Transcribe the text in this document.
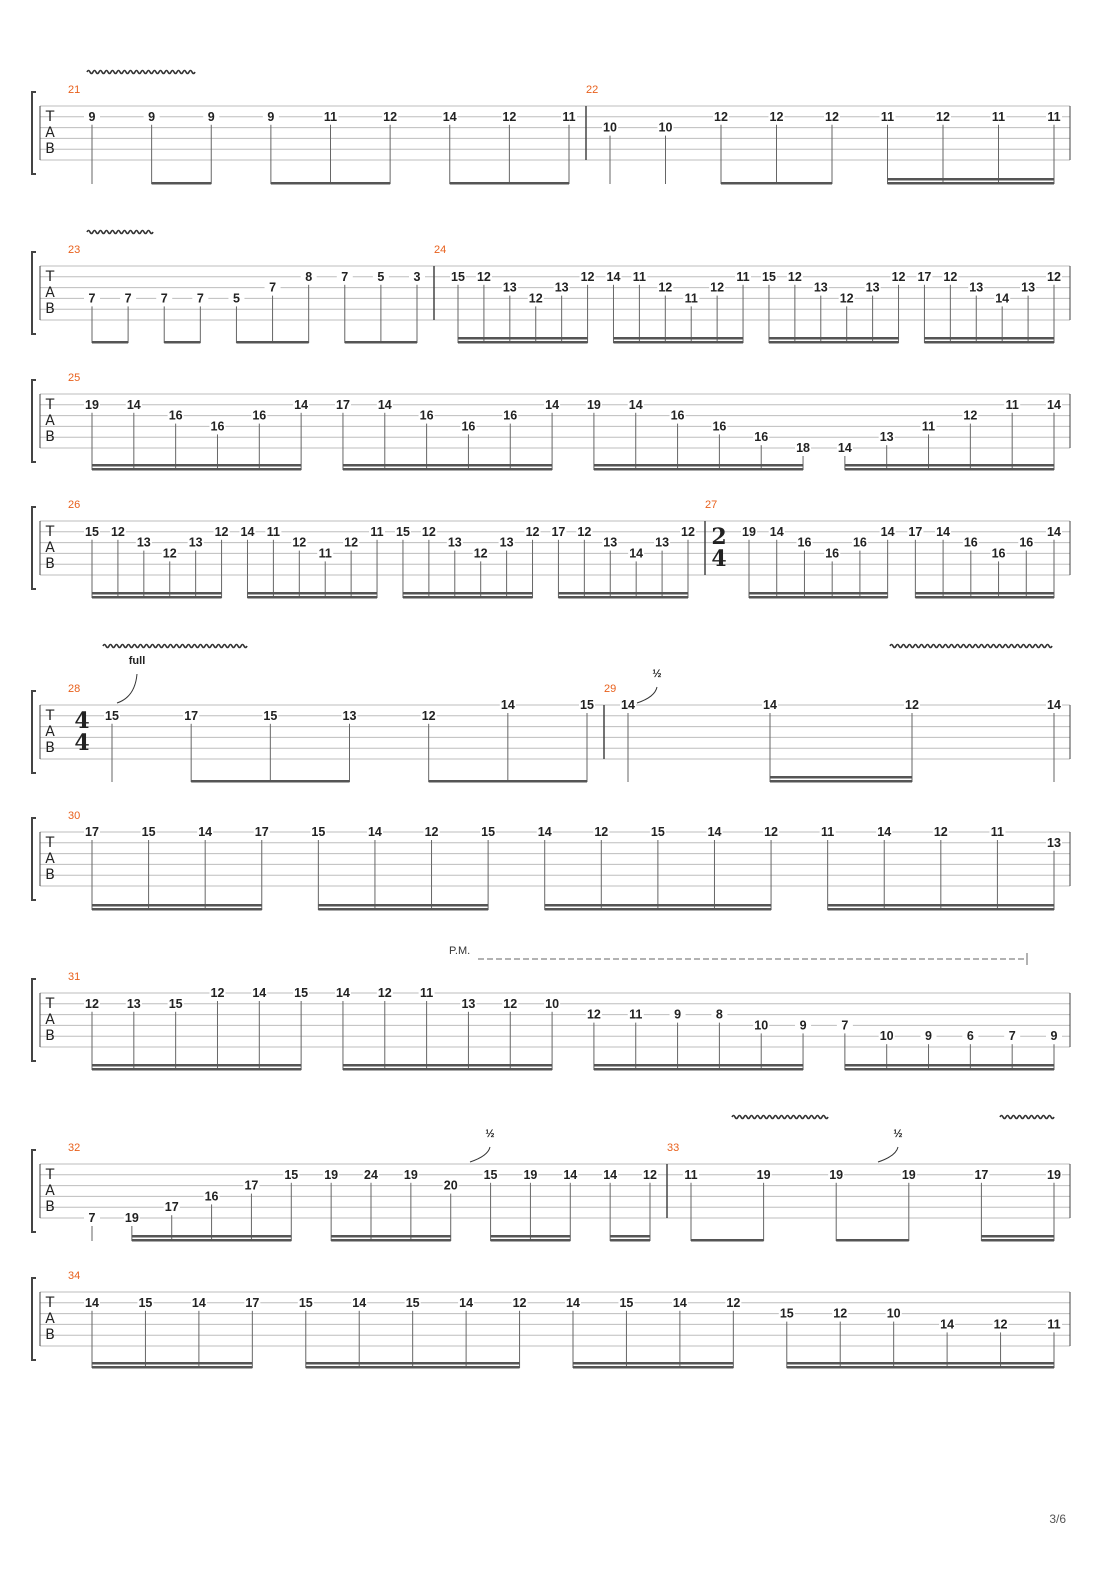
T
A
B
21
9	9	9	9	11	12	14	12	11
22
10	10
12	12	12	11	12	11	11
T
A
B
23
7 7 7 7 5
7
8 7 5 3
24
15 12
13
12
13
12 14 11
12
11
12
11 15 12
13
12
13
12 17 12
13
14
13
12
T
A
B
25
19 14
16
16
16
14 17 14
16
16
16
14 19 14
16
16
16
18 14
13
11
12
11 14
T
A
B
26
15 12
13
12
13
12 14 11
12
11
12
11 15 12
13
12
13
12 17 12
13
14
13
12
27
2
4
19 14
16
16
16
14 17 14
16
16
16
14
T
A
B
28
4
4
15	17	15	13	12
14	15
29
14	14	12	14
full
½
T
A
B
30
17	15	14	17	15	14	12	15	14	12	15	14	12	11	14	12	11
13
T
A
B
31
12 13 15
12 14 15 14 12 11
13 12 10
12 11	9	8
10	9	7
10	9	6	7	9
P.M.
T
A
B
32
7 19
17
16
17
15 19 24 19
20
15 19 14 14 12
33
11	19	19	19	17	19
½	½
T
A
B
34
14	15	14	17	15	14	15	14	12	14	15	14	12
15	12	10
14	12	11
3/6
